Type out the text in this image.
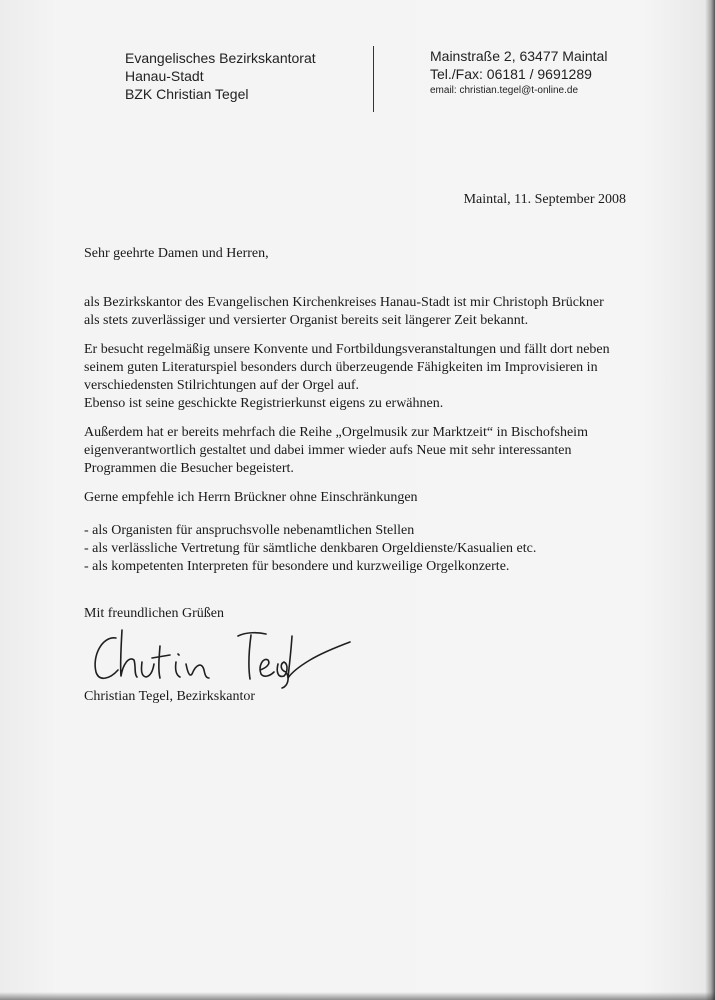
Evangelisches Bezirkskantorat
Hanau-Stadt
BZK Christian Tegel
Mainstraße 2, 63477 Maintal
Tel./Fax: 06181 / 9691289
email: christian.tegel@t-online.de
Maintal, 11. September 2008
Sehr geehrte Damen und Herren,

als Bezirkskantor des Evangelischen Kirchenkreises Hanau-Stadt ist mir Christoph Brückner

als stets zuverlässiger und versierter Organist bereits seit längerer Zeit bekannt.

Er besucht regelmäßig unsere Konvente und Fortbildungsveranstaltungen und fällt dort neben

seinem guten Literaturspiel besonders durch überzeugende Fähigkeiten im Improvisieren in

verschiedensten Stilrichtungen auf der Orgel auf.

Ebenso ist seine geschickte Registrierkunst eigens zu erwähnen.

Außerdem hat er bereits mehrfach die Reihe „Orgelmusik zur Marktzeit“ in Bischofsheim

eigenverantwortlich gestaltet und dabei immer wieder aufs Neue mit sehr interessanten

Programmen die Besucher begeistert.

Gerne empfehle ich Herrn Brückner ohne Einschränkungen

- als Organisten für anspruchsvolle nebenamtlichen Stellen

- als verlässliche Vertretung für sämtliche denkbaren Orgeldienste/Kasualien etc.

- als kompetenten Interpreten für besondere und kurzweilige Orgelkonzerte.

Mit freundlichen Grüßen
Christian Tegel, Bezirkskantor
